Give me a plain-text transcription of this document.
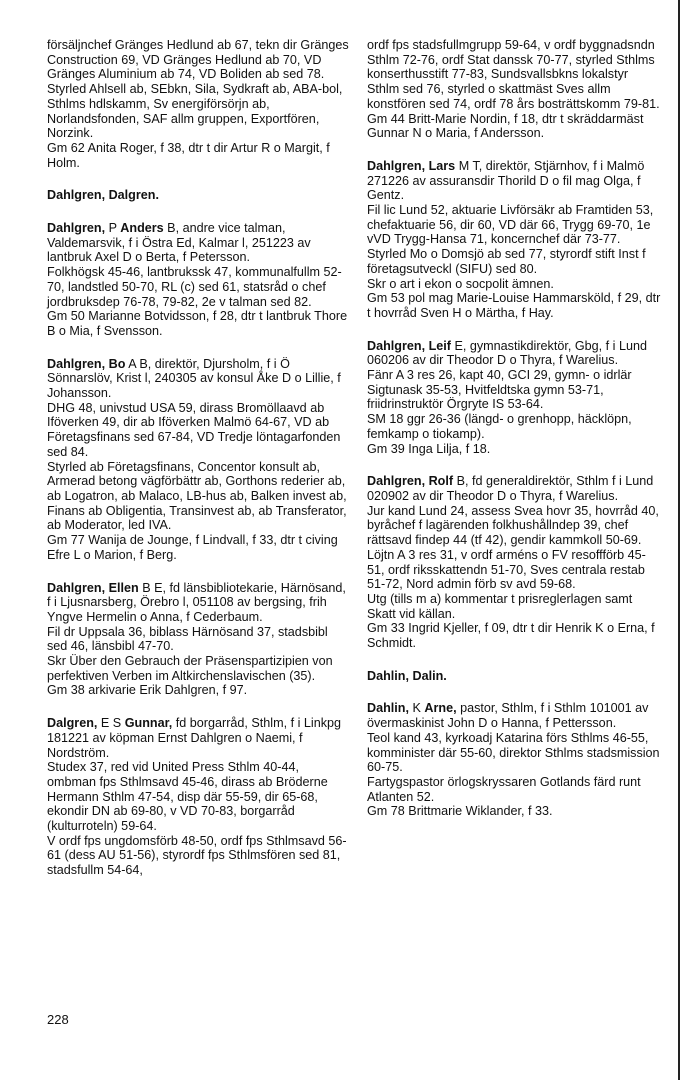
försäljnchef Gränges Hedlund ab 67, tekn dir Gränges Construction 69, VD Gränges Hedlund ab 70, VD Gränges Aluminium ab 74, VD Boliden ab sed 78.

Styrled Ahlsell ab, SEbkn, Sila, Sydkraft ab, ABA-bol, Sthlms hdlskamm, Sv energiförsörjn ab, Norlandsfonden, SAF allm gruppen, Exportfören, Norzink.

Gm 62 Anita Roger, f 38, dtr t dir Artur R o Margit, f Holm.

Dahlgren, Dalgren.

Dahlgren, P Anders B, andre vice talman, Valdemarsvik, f i Östra Ed, Kalmar l, 251223 av lantbruk Axel D o Berta, f Petersson.

Folkhögsk 45-46, lantbrukssk 47, kommunalfullm 52-70, landstled 50-70, RL (c) sed 61, statsråd o chef jordbruksdep 76-78, 79-82, 2e v talman sed 82.

Gm 50 Marianne Botvidsson, f 28, dtr t lantbruk Thore B o Mia, f Svensson.

Dahlgren, Bo A B, direktör, Djursholm, f i Ö Sönnarslöv, Krist l, 240305 av konsul Åke D o Lillie, f Johansson.

DHG 48, univstud USA 59, dirass Bromöllaavd ab Iföverken 49, dir ab Iföverken Malmö 64-67, VD ab Företagsfinans sed 67-84, VD Tredje löntagarfonden sed 84.

Styrled ab Företagsfinans, Concentor konsult ab, Armerad betong vägförbättr ab, Gorthons rederier ab, ab Logatron, ab Malaco, LB-hus ab, Balken invest ab, Finans ab Obligentia, Transinvest ab, ab Transferator, ab Moderator, led IVA.

Gm 77 Wanija de Jounge, f Lindvall, f 33, dtr t civing Efre L o Marion, f Berg.

Dahlgren, Ellen B E, fd länsbibliotekarie, Härnösand, f i Ljusnarsberg, Örebro l, 051108 av bergsing, frih Yngve Hermelin o Anna, f Cederbaum.

Fil dr Uppsala 36, biblass Härnösand 37, stadsbibl sed 46, länsbibl 47-70.

Skr Über den Gebrauch der Präsenspartizipien von perfektiven Verben im Altkirchenslavischen (35).

Gm 38 arkivarie Erik Dahlgren, f 97.

Dalgren, E S Gunnar, fd borgarråd, Sthlm, f i Linkpg 181221 av köpman Ernst Dahlgren o Naemi, f Nordström.

Studex 37, red vid United Press Sthlm 40-44, ombman fps Sthlmsavd 45-46, dirass ab Bröderne Hermann Sthlm 47-54, disp där 55-59, dir 65-68, ekondir DN ab 69-80, v VD 70-83, borgarråd (kulturroteln) 59-64.

V ordf fps ungdomsförb 48-50, ordf fps Sthlmsavd 56-61 (dess AU 51-56), styrordf fps Sthlmsfören sed 81, stadsfullm 54-64,

ordf fps stadsfullmgrupp 59-64, v ordf byggnadsndn Sthlm 72-76, ordf Stat danssk 70-77, styrled Sthlms konserthusstift 77-83, Sundsvallsbkns lokalstyr Sthlm sed 76, styrled o skattmäst Sves allm konstfören sed 74, ordf 78 års bosträttskomm 79-81.

Gm 44 Britt-Marie Nordin, f 18, dtr t skräddarmäst Gunnar N o Maria, f Andersson.

Dahlgren, Lars M T, direktör, Stjärnhov, f i Malmö 271226 av assuransdir Thorild D o fil mag Olga, f Gentz.

Fil lic Lund 52, aktuarie Livförsäkr ab Framtiden 53, chefaktuarie 56, dir 60, VD där 66, Trygg 69-70, 1e vVD Trygg-Hansa 71, koncernchef där 73-77.

Styrled Mo o Domsjö ab sed 77, styrordf stift Inst f företagsutveckl (SIFU) sed 80.

Skr o art i ekon o socpolit ämnen.

Gm 53 pol mag Marie-Louise Hammarsköld, f 29, dtr t hovrråd Sven H o Märtha, f Hay.

Dahlgren, Leif E, gymnastikdirektör, Gbg, f i Lund 060206 av dir Theodor D o Thyra, f Warelius.

Fänr A 3 res 26, kapt 40, GCI 29, gymn- o idrlär Sigtunask 35-53, Hvitfeldtska gymn 53-71, friidrinstruktör Örgryte IS 53-64.

SM 18 ggr 26-36 (längd- o grenhopp, häcklöpn, femkamp o tiokamp).

Gm 39 Inga Lilja, f 18.

Dahlgren, Rolf B, fd generaldirektör, Sthlm f i Lund 020902 av dir Theodor D o Thyra, f Warelius.

Jur kand Lund 24, assess Svea hovr 35, hovrråd 40, byråchef f lagärenden folkhushållndep 39, chef rättsavd findep 44 (tf 42), gendir kammkoll 50-69.

Löjtn A 3 res 31, v ordf arméns o FV resoffförb 45-51, ordf riksskattendn 51-70, Sves centrala restab 51-72, Nord admin förb sv avd 59-68.

Utg (tills m a) kommentar t prisreglerlagen samt Skatt vid källan.

Gm 33 Ingrid Kjeller, f 09, dtr t dir Henrik K o Erna, f Schmidt.

Dahlin, Dalin.

Dahlin, K Arne, pastor, Sthlm, f i Sthlm 101001 av övermaskinist John D o Hanna, f Pettersson.

Teol kand 43, kyrkoadj Katarina förs Sthlms 46-55, komminister där 55-60, direktor Sthlms stadsmission 60-75.

Fartygspastor örlogskryssaren Gotlands färd runt Atlanten 52.

Gm 78 Brittmarie Wiklander, f 33.

228
